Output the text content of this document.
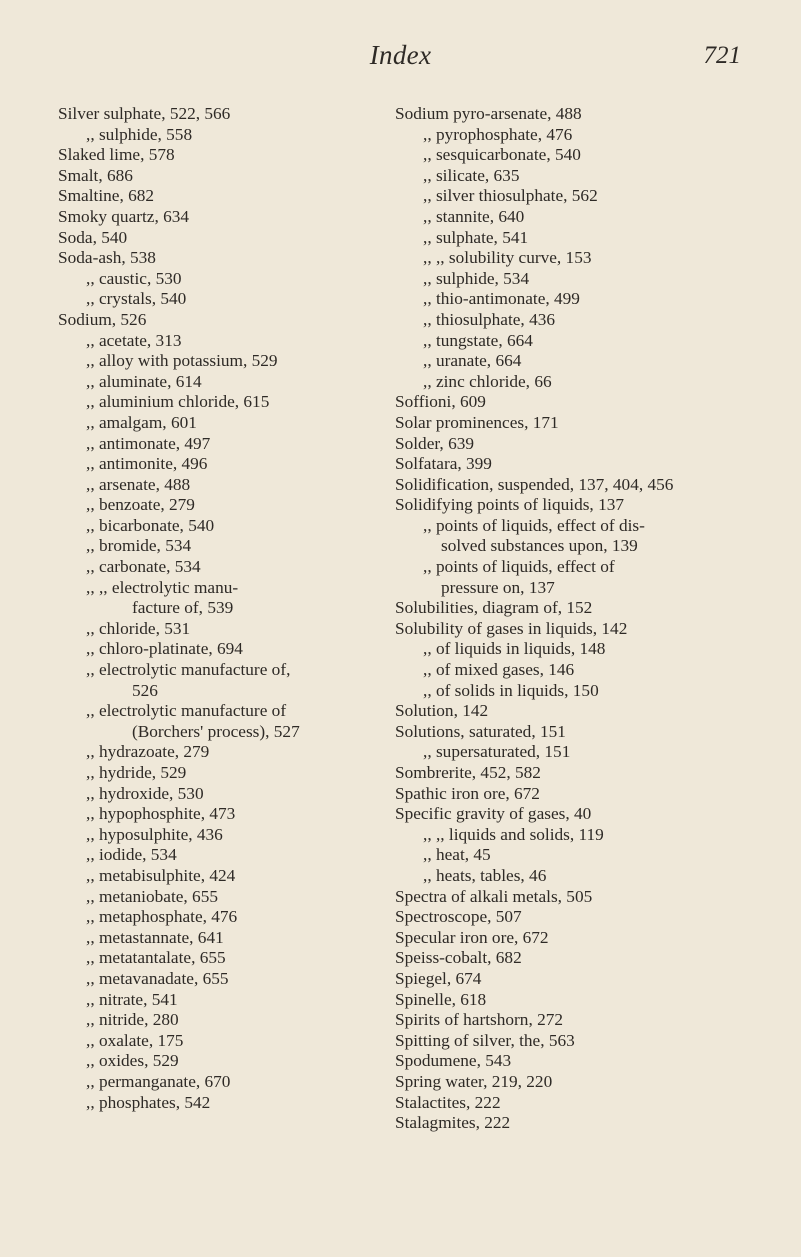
Index	721
Silver sulphate, 522, 566
,, sulphide, 558
Slaked lime, 578
Smalt, 686
Smaltine, 682
Smoky quartz, 634
Soda, 540
Soda-ash, 538
,, caustic, 530
,, crystals, 540
Sodium, 526
,, acetate, 313
,, alloy with potassium, 529
,, aluminate, 614
,, aluminium chloride, 615
,, amalgam, 601
,, antimonate, 497
,, antimonite, 496
,, arsenate, 488
,, benzoate, 279
,, bicarbonate, 540
,, bromide, 534
,, carbonate, 534
,, ,, electrolytic manu-
facture of, 539
,, chloride, 531
,, chloro-platinate, 694
,, electrolytic manufacture of,
526
,, electrolytic manufacture of
(Borchers' process), 527
,, hydrazoate, 279
,, hydride, 529
,, hydroxide, 530
,, hypophosphite, 473
,, hyposulphite, 436
,, iodide, 534
,, metabisulphite, 424
,, metaniobate, 655
,, metaphosphate, 476
,, metastannate, 641
,, metatantalate, 655
,, metavanadate, 655
,, nitrate, 541
,, nitride, 280
,, oxalate, 175
,, oxides, 529
,, permanganate, 670
,, phosphates, 542
Sodium pyro-arsenate, 488
,, pyrophosphate, 476
,, sesquicarbonate, 540
,, silicate, 635
,, silver thiosulphate, 562
,, stannite, 640
,, sulphate, 541
,, ,, solubility curve, 153
,, sulphide, 534
,, thio-antimonate, 499
,, thiosulphate, 436
,, tungstate, 664
,, uranate, 664
,, zinc chloride, 66
Soffioni, 609
Solar prominences, 171
Solder, 639
Solfatara, 399
Solidification, suspended, 137, 404, 456
Solidifying points of liquids, 137
,, points of liquids, effect of dis-
solved substances upon, 139
,, points of liquids, effect of
pressure on, 137
Solubilities, diagram of, 152
Solubility of gases in liquids, 142
,, of liquids in liquids, 148
,, of mixed gases, 146
,, of solids in liquids, 150
Solution, 142
Solutions, saturated, 151
,, supersaturated, 151
Sombrerite, 452, 582
Spathic iron ore, 672
Specific gravity of gases, 40
,, ,, liquids and solids, 119
,, heat, 45
,, heats, tables, 46
Spectra of alkali metals, 505
Spectroscope, 507
Specular iron ore, 672
Speiss-cobalt, 682
Spiegel, 674
Spinelle, 618
Spirits of hartshorn, 272
Spitting of silver, the, 563
Spodumene, 543
Spring water, 219, 220
Stalactites, 222
Stalagmites, 222
